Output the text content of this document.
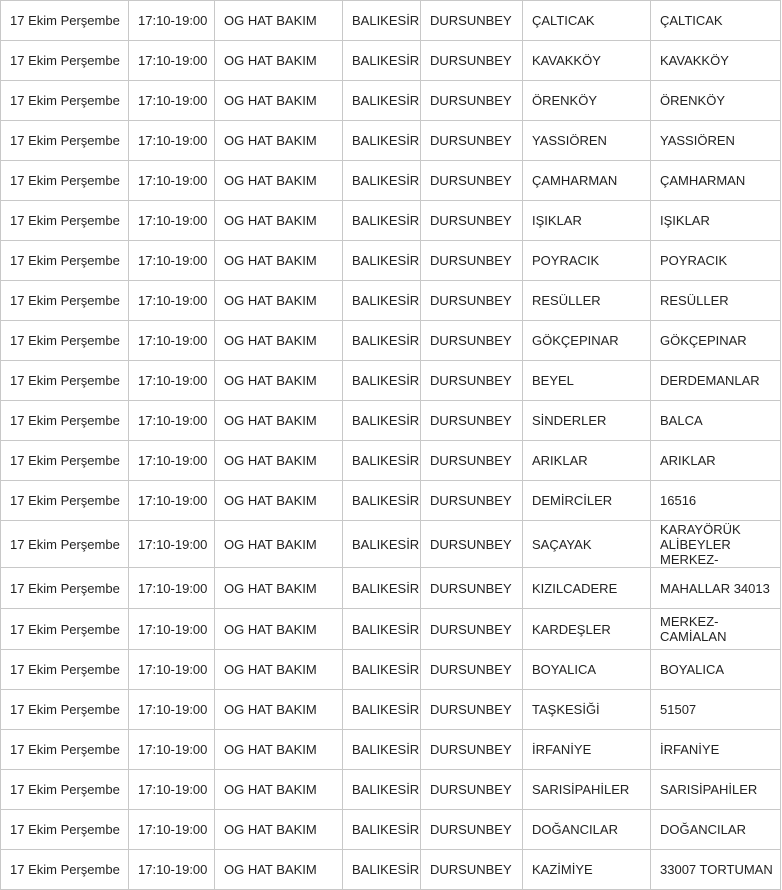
17 Ekim Perşembe	17:10-19:00	OG HAT BAKIM	BALIKESİR	DURSUNBEY	ÇALTICAK	ÇALTICAK
17 Ekim Perşembe	17:10-19:00	OG HAT BAKIM	BALIKESİR	DURSUNBEY	KAVAKKÖY	KAVAKKÖY
17 Ekim Perşembe	17:10-19:00	OG HAT BAKIM	BALIKESİR	DURSUNBEY	ÖRENKÖY	ÖRENKÖY
17 Ekim Perşembe	17:10-19:00	OG HAT BAKIM	BALIKESİR	DURSUNBEY	YASSIÖREN	YASSIÖREN
17 Ekim Perşembe	17:10-19:00	OG HAT BAKIM	BALIKESİR	DURSUNBEY	ÇAMHARMAN	ÇAMHARMAN
17 Ekim Perşembe	17:10-19:00	OG HAT BAKIM	BALIKESİR	DURSUNBEY	IŞIKLAR	IŞIKLAR
17 Ekim Perşembe	17:10-19:00	OG HAT BAKIM	BALIKESİR	DURSUNBEY	POYRACIK	POYRACIK
17 Ekim Perşembe	17:10-19:00	OG HAT BAKIM	BALIKESİR	DURSUNBEY	RESÜLLER	RESÜLLER
17 Ekim Perşembe	17:10-19:00	OG HAT BAKIM	BALIKESİR	DURSUNBEY	GÖKÇEPINAR	GÖKÇEPINAR
17 Ekim Perşembe	17:10-19:00	OG HAT BAKIM	BALIKESİR	DURSUNBEY	BEYEL	DERDEMANLAR
17 Ekim Perşembe	17:10-19:00	OG HAT BAKIM	BALIKESİR	DURSUNBEY	SİNDERLER	BALCA
17 Ekim Perşembe	17:10-19:00	OG HAT BAKIM	BALIKESİR	DURSUNBEY	ARIKLAR	ARIKLAR
17 Ekim Perşembe	17:10-19:00	OG HAT BAKIM	BALIKESİR	DURSUNBEY	DEMİRCİLER	16516
17 Ekim Perşembe	17:10-19:00	OG HAT BAKIM	BALIKESİR	DURSUNBEY	SAÇAYAK	KARAYÖRÜK ALİBEYLER MERKEZ-
17 Ekim Perşembe	17:10-19:00	OG HAT BAKIM	BALIKESİR	DURSUNBEY	KIZILCADERE	MAHALLAR 34013
17 Ekim Perşembe	17:10-19:00	OG HAT BAKIM	BALIKESİR	DURSUNBEY	KARDEŞLER	MERKEZ-CAMİALAN
17 Ekim Perşembe	17:10-19:00	OG HAT BAKIM	BALIKESİR	DURSUNBEY	BOYALICA	BOYALICA
17 Ekim Perşembe	17:10-19:00	OG HAT BAKIM	BALIKESİR	DURSUNBEY	TAŞKESİĞİ	51507
17 Ekim Perşembe	17:10-19:00	OG HAT BAKIM	BALIKESİR	DURSUNBEY	İRFANİYE	İRFANİYE
17 Ekim Perşembe	17:10-19:00	OG HAT BAKIM	BALIKESİR	DURSUNBEY	SARISİPAHİLER	SARISİPAHİLER
17 Ekim Perşembe	17:10-19:00	OG HAT BAKIM	BALIKESİR	DURSUNBEY	DOĞANCILAR	DOĞANCILAR
17 Ekim Perşembe	17:10-19:00	OG HAT BAKIM	BALIKESİR	DURSUNBEY	KAZİMİYE	33007 TORTUMAN
